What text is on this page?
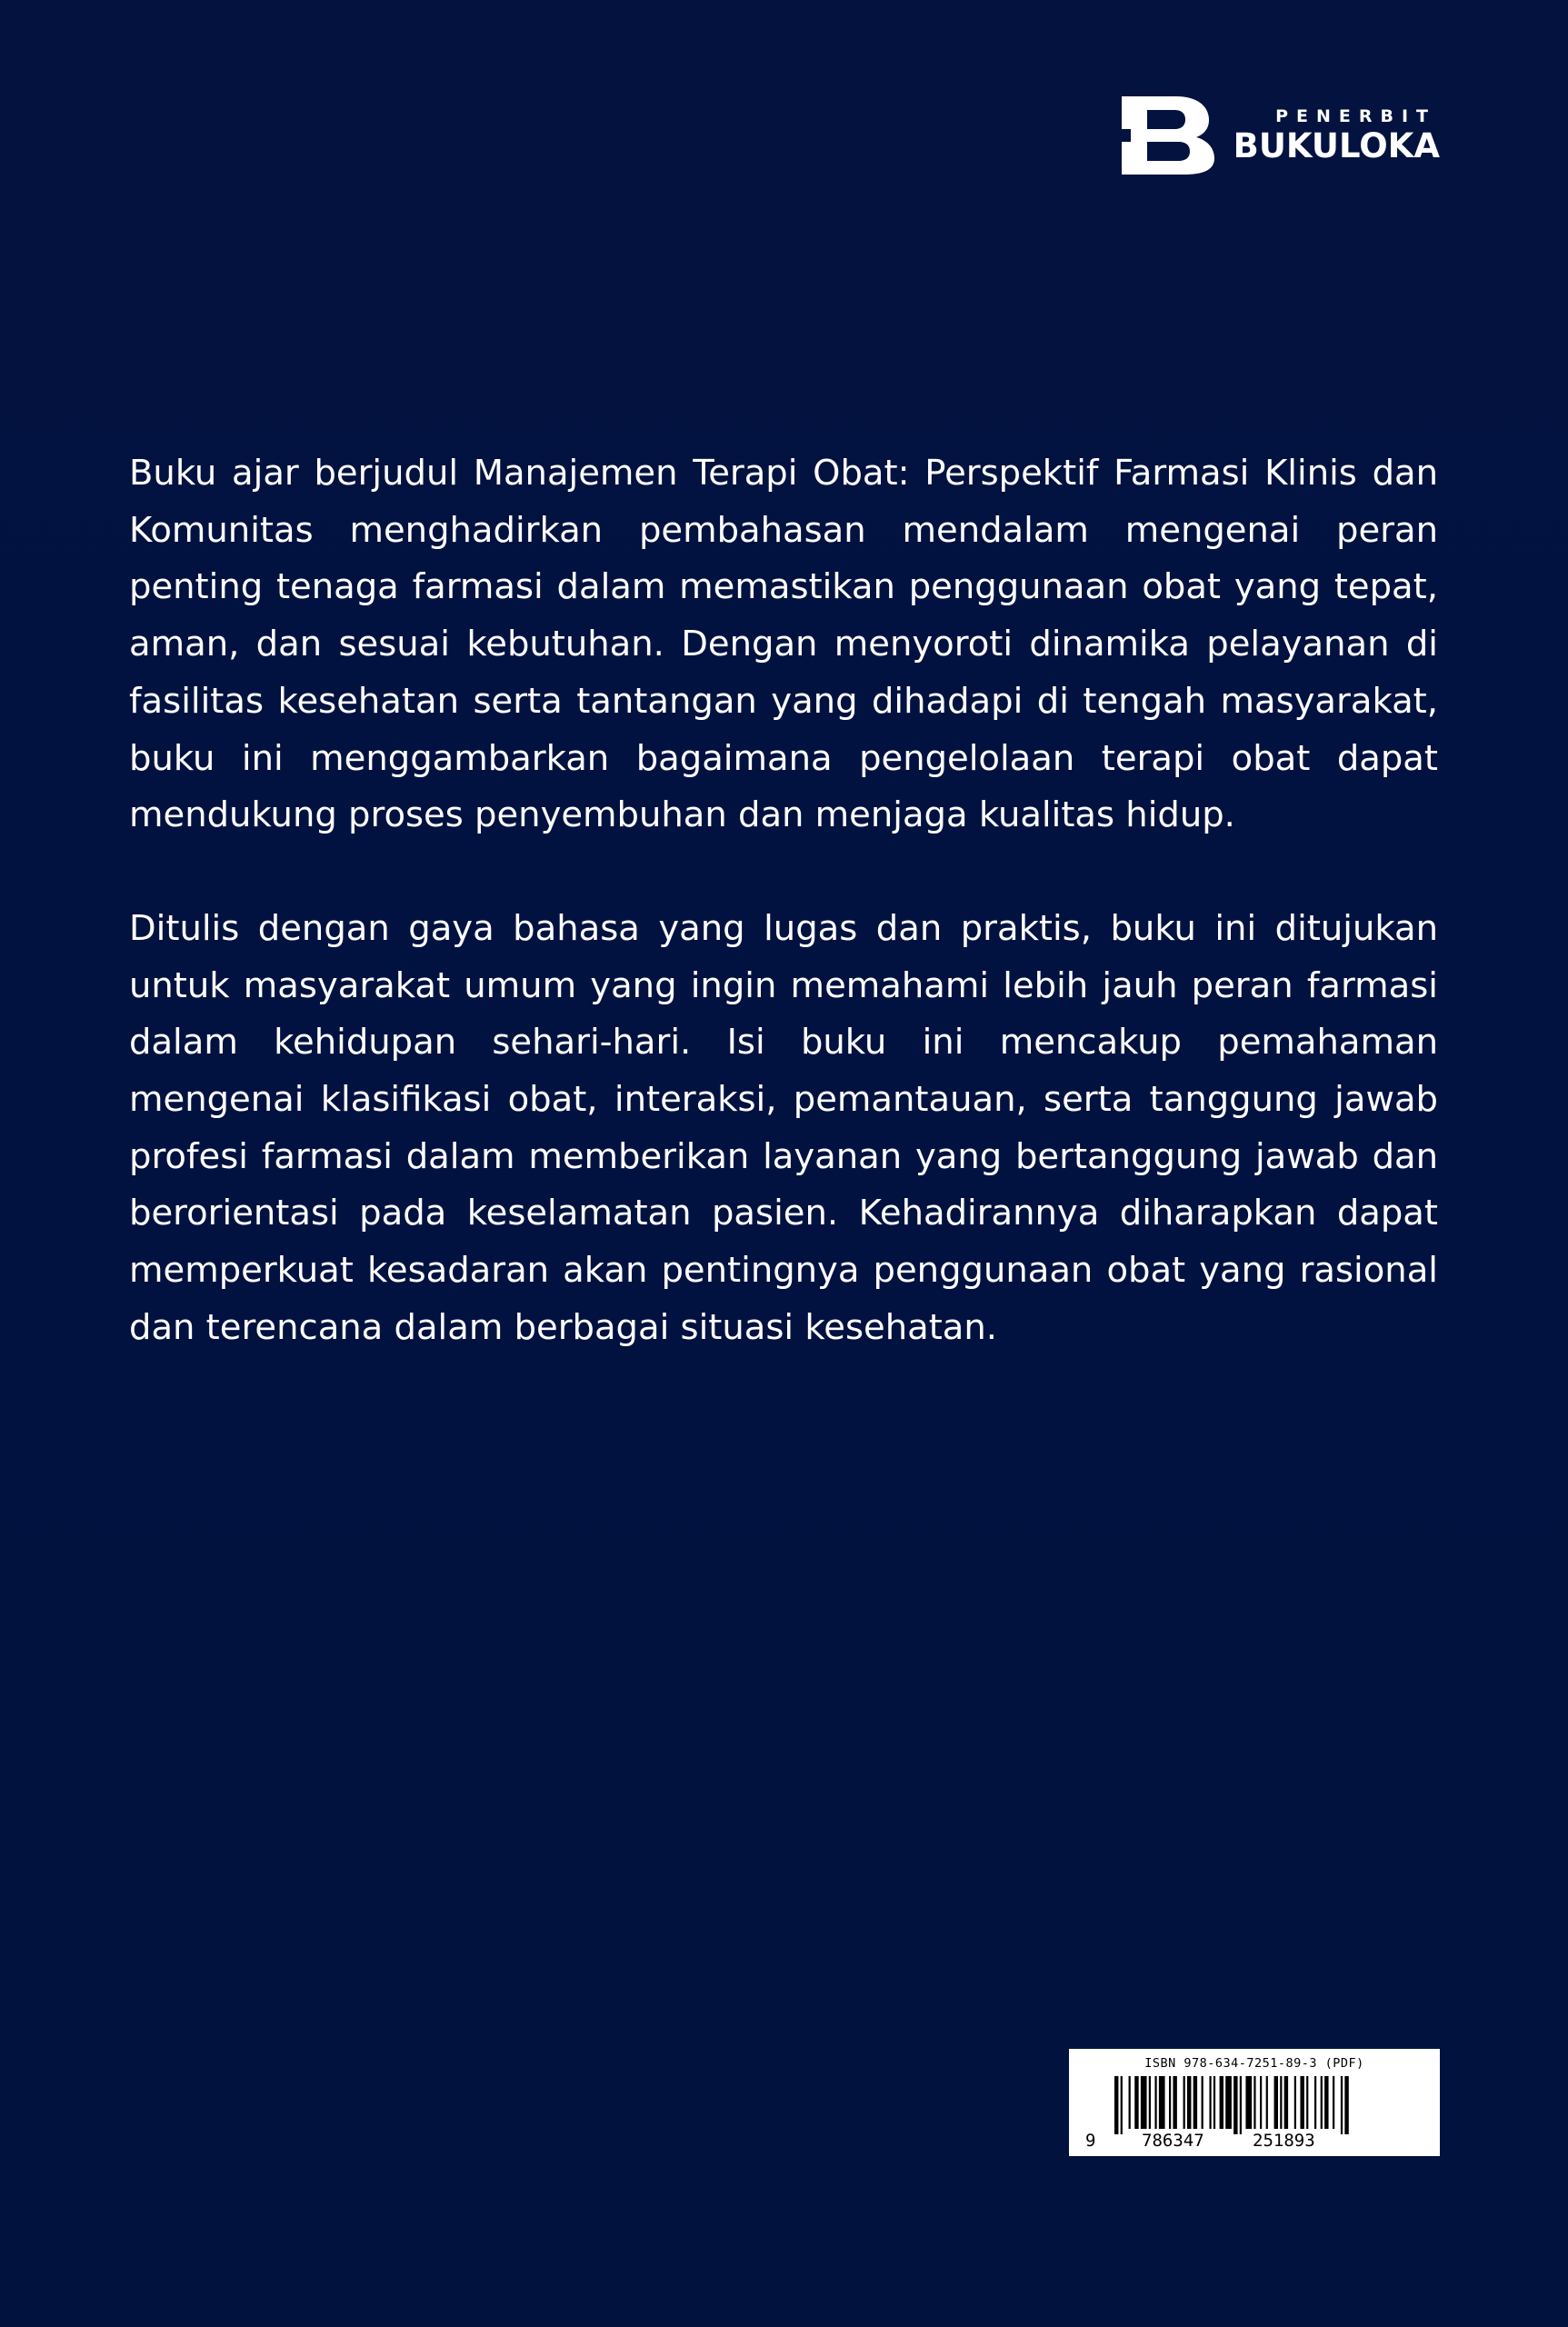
PENERBIT
BUKULOKA

Buku ajar berjudul Manajemen Terapi Obat: Perspektif Farmasi Klinis dan Komunitas menghadirkan pembahasan mendalam mengenai peran penting tenaga farmasi dalam memastikan penggunaan obat yang tepat, aman, dan sesuai kebutuhan. Dengan menyoroti dinamika pelayanan di fasilitas kesehatan serta tantangan yang dihadapi di tengah masyarakat, buku ini menggambarkan bagaimana pengelolaan terapi obat dapat mendukung proses penyembuhan dan menjaga kualitas hidup.

Ditulis dengan gaya bahasa yang lugas dan praktis, buku ini ditujukan untuk masyarakat umum yang ingin memahami lebih jauh peran farmasi dalam kehidupan sehari-hari. Isi buku ini mencakup pemahaman mengenai klasifikasi obat, interaksi, pemantauan, serta tanggung jawab profesi farmasi dalam memberikan layanan yang bertanggung jawab dan berorientasi pada keselamatan pasien. Kehadirannya diharapkan dapat memperkuat kesadaran akan pentingnya penggunaan obat yang rasional dan terencana dalam berbagai situasi kesehatan.

ISBN 978-634-7251-89-3 (PDF)
9	786347	251893
